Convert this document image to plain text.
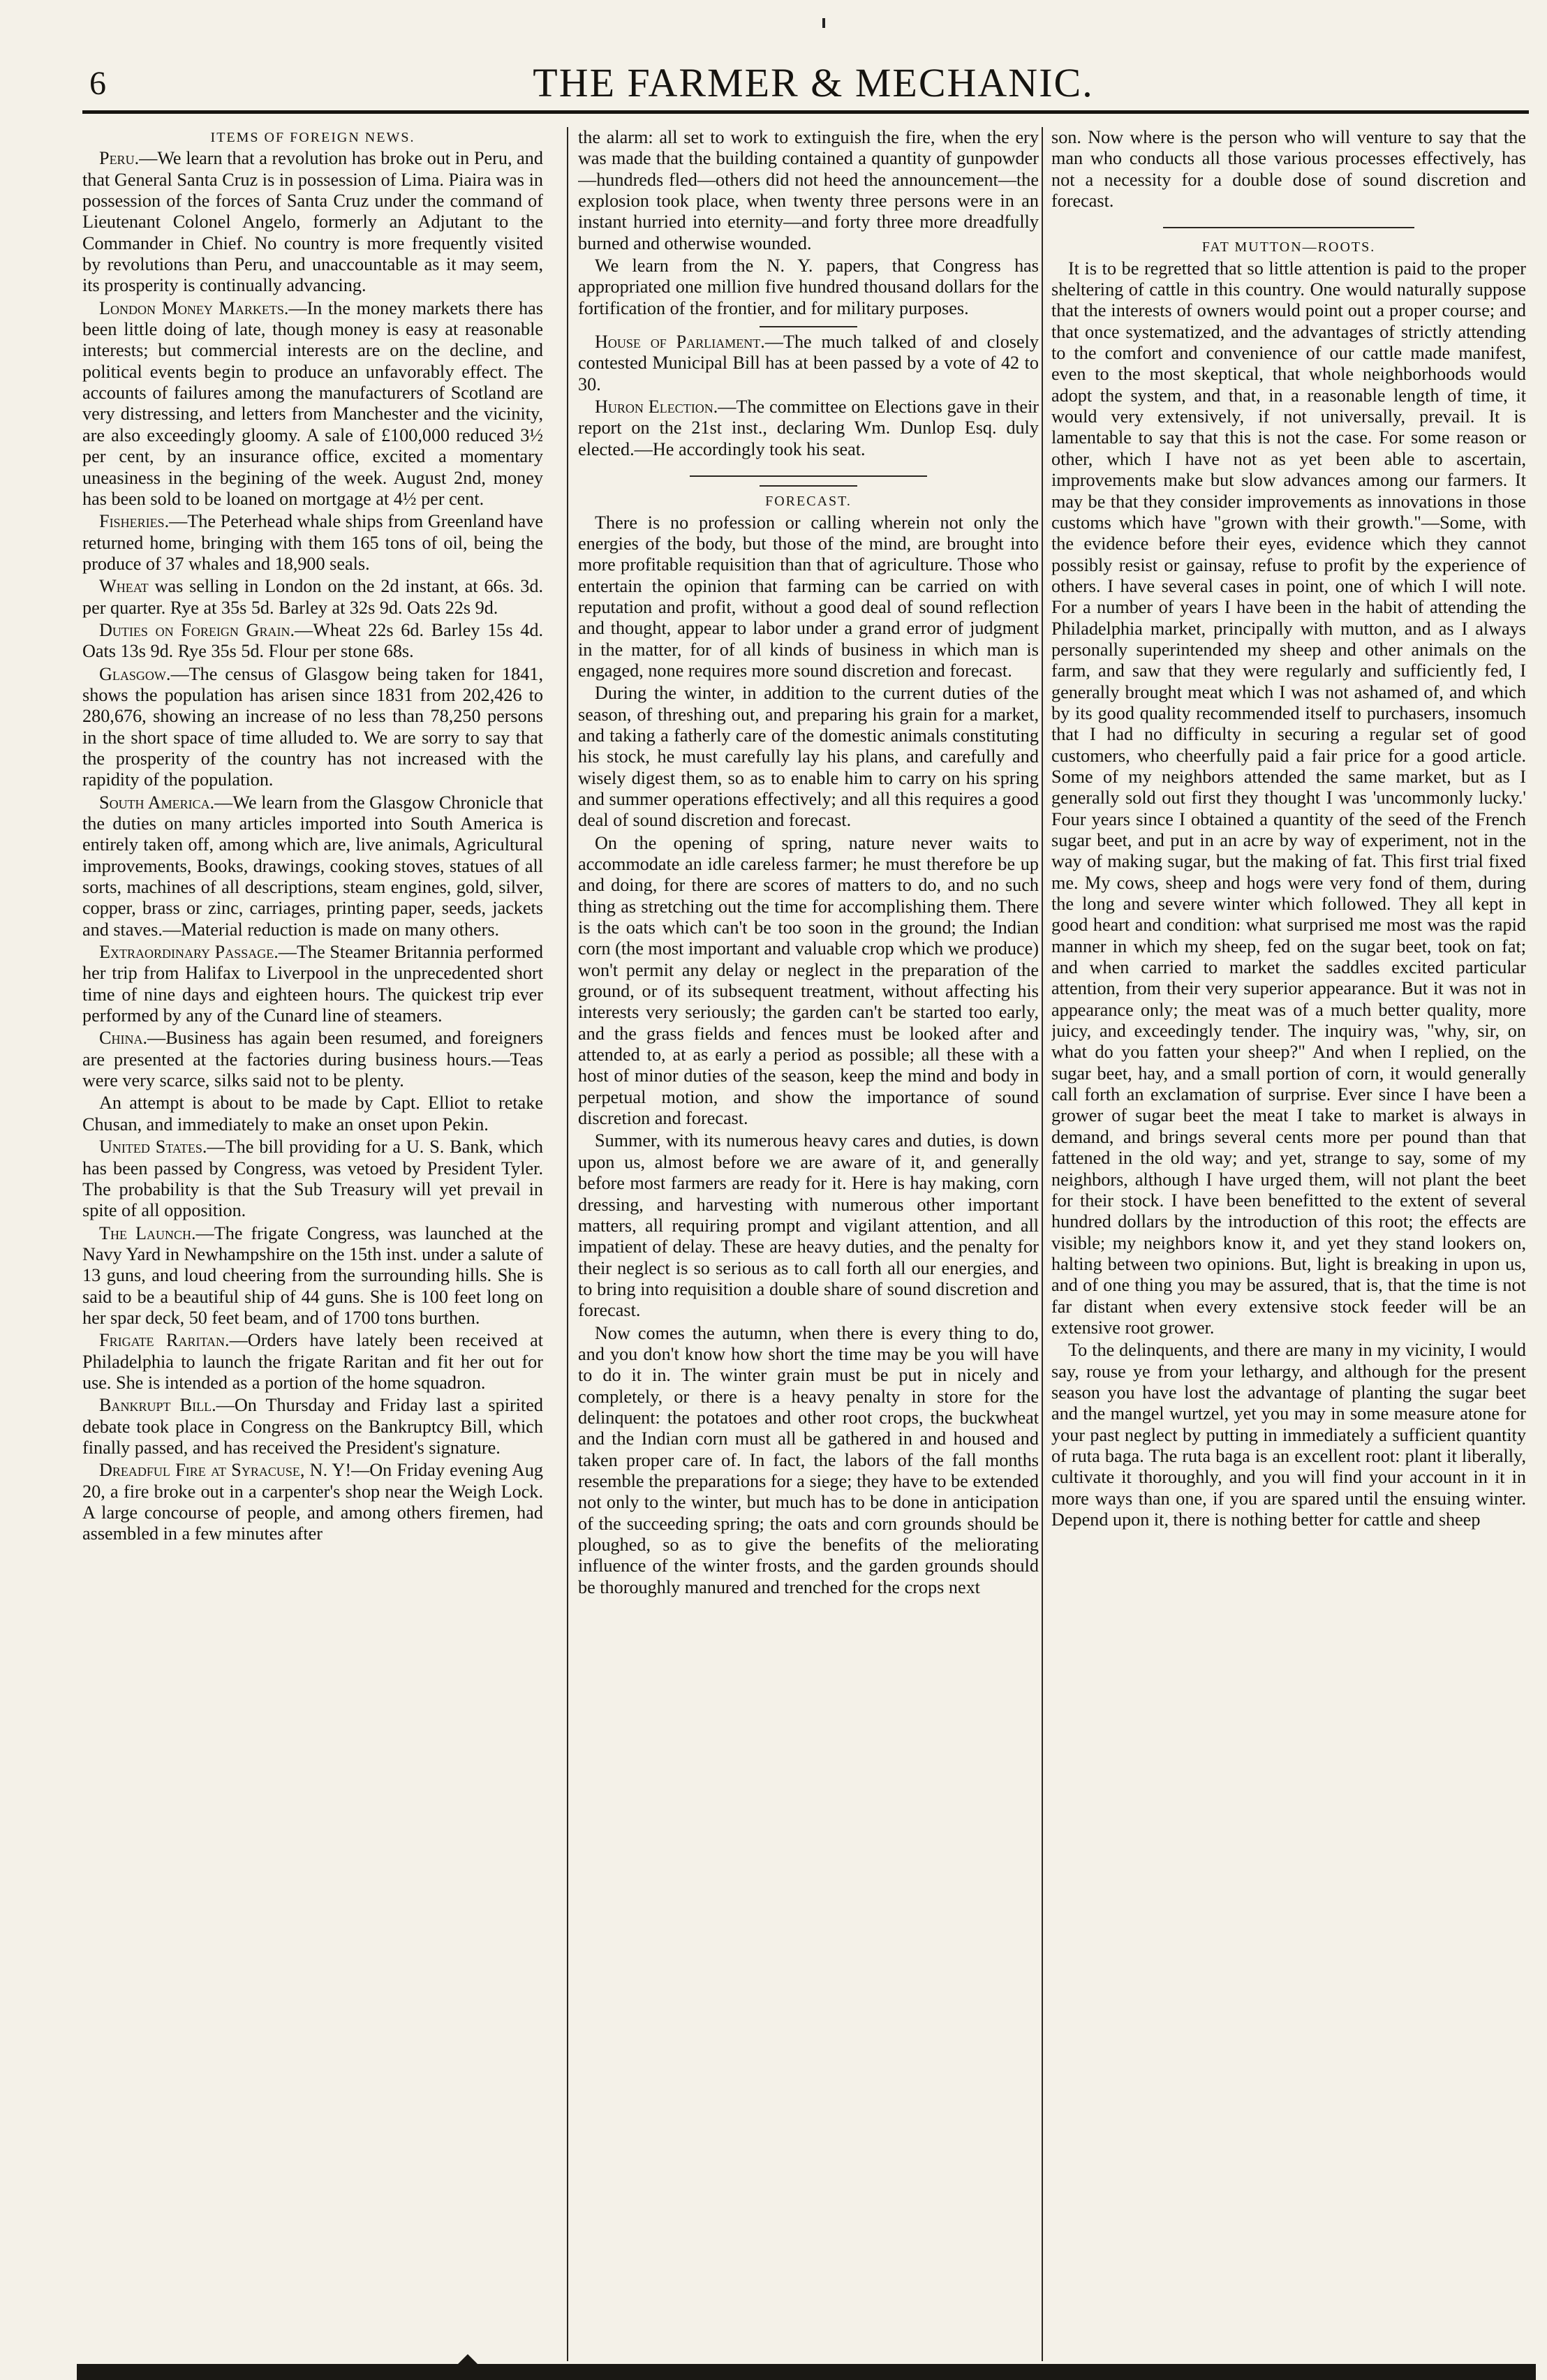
6	THE FARMER & MECHANIC.

ITEMS OF FOREIGN NEWS.

Peru.—We learn that a revolution has broke out in Peru, and that General Santa Cruz is in possession of Lima. Piaira was in possession of the forces of Santa Cruz under the command of Lieutenant Colonel Angelo, formerly an Adjutant to the Commander in Chief. No country is more frequently visited by revolutions than Peru, and unaccountable as it may seem, its prosperity is continually advancing.

London Money Markets.—In the money markets there has been little doing of late, though money is easy at reasonable interests; but commercial interests are on the decline, and political events begin to produce an unfavorably effect. The accounts of failures among the manufacturers of Scotland are very distressing, and letters from Manchester and the vicinity, are also exceedingly gloomy. A sale of £100,000 reduced 3½ per cent, by an insurance office, excited a momentary uneasiness in the begining of the week. August 2nd, money has been sold to be loaned on mortgage at 4½ per cent.

Fisheries.—The Peterhead whale ships from Greenland have returned home, bringing with them 165 tons of oil, being the produce of 37 whales and 18,900 seals.

Wheat was selling in London on the 2d instant, at 66s. 3d. per quarter. Rye at 35s 5d. Barley at 32s 9d. Oats 22s 9d.

Duties on Foreign Grain.—Wheat 22s 6d. Barley 15s 4d. Oats 13s 9d. Rye 35s 5d. Flour per stone 68s.

Glasgow.—The census of Glasgow being taken for 1841, shows the population has arisen since 1831 from 202,426 to 280,676, showing an increase of no less than 78,250 persons in the short space of time alluded to. We are sorry to say that the prosperity of the country has not increased with the rapidity of the population.

South America.—We learn from the Glasgow Chronicle that the duties on many articles imported into South America is entirely taken off, among which are, live animals, Agricultural improvements, Books, drawings, cooking stoves, statues of all sorts, machines of all descriptions, steam engines, gold, silver, copper, brass or zinc, carriages, printing paper, seeds, jackets and staves.—Material reduction is made on many others.

Extraordinary Passage.—The Steamer Britannia performed her trip from Halifax to Liverpool in the unprecedented short time of nine days and eighteen hours. The quickest trip ever performed by any of the Cunard line of steamers.

China.—Business has again been resumed, and foreigners are presented at the factories during business hours.—Teas were very scarce, silks said not to be plenty.

An attempt is about to be made by Capt. Elliot to retake Chusan, and immediately to make an onset upon Pekin.

United States.—The bill providing for a U. S. Bank, which has been passed by Congress, was vetoed by President Tyler. The probability is that the Sub Treasury will yet prevail in spite of all opposition.

The Launch.—The frigate Congress, was launched at the Navy Yard in Newhampshire on the 15th inst. under a salute of 13 guns, and loud cheering from the surrounding hills. She is said to be a beautiful ship of 44 guns. She is 100 feet long on her spar deck, 50 feet beam, and of 1700 tons burthen.

Frigate Raritan.—Orders have lately been received at Philadelphia to launch the frigate Raritan and fit her out for use. She is intended as a portion of the home squadron.

Bankrupt Bill.—On Thursday and Friday last a spirited debate took place in Congress on the Bankruptcy Bill, which finally passed, and has received the President's signature.

Dreadful Fire at Syracuse, N. Y!—On Friday evening Aug 20, a fire broke out in a carpenter's shop near the Weigh Lock. A large concourse of people, and among others firemen, had assembled in a few minutes after

the alarm: all set to work to extinguish the fire, when the ery was made that the building contained a quantity of gunpowder—hundreds fled—others did not heed the announcement—the explosion took place, when twenty three persons were in an instant hurried into eternity—and forty three more dreadfully burned and otherwise wounded.

We learn from the N. Y. papers, that Congress has appropriated one million five hundred thousand dollars for the fortification of the frontier, and for military purposes.

House of Parliament.—The much talked of and closely contested Municipal Bill has at been passed by a vote of 42 to 30.

Huron Election.—The committee on Elections gave in their report on the 21st inst., declaring Wm. Dunlop Esq. duly elected.—He accordingly took his seat.

FORECAST.

There is no profession or calling wherein not only the energies of the body, but those of the mind, are brought into more profitable requisition than that of agriculture. Those who entertain the opinion that farming can be carried on with reputation and profit, without a good deal of sound reflection and thought, appear to labor under a grand error of judgment in the matter, for of all kinds of business in which man is engaged, none requires more sound discretion and forecast.

During the winter, in addition to the current duties of the season, of threshing out, and preparing his grain for a market, and taking a fatherly care of the domestic animals constituting his stock, he must carefully lay his plans, and carefully and wisely digest them, so as to enable him to carry on his spring and summer operations effectively; and all this requires a good deal of sound discretion and forecast.

On the opening of spring, nature never waits to accommodate an idle careless farmer; he must therefore be up and doing, for there are scores of matters to do, and no such thing as stretching out the time for accomplishing them. There is the oats which can't be too soon in the ground; the Indian corn (the most important and valuable crop which we produce) won't permit any delay or neglect in the preparation of the ground, or of its subsequent treatment, without affecting his interests very seriously; the garden can't be started too early, and the grass fields and fences must be looked after and attended to, at as early a period as possible; all these with a host of minor duties of the season, keep the mind and body in perpetual motion, and show the importance of sound discretion and forecast.

Summer, with its numerous heavy cares and duties, is down upon us, almost before we are aware of it, and generally before most farmers are ready for it. Here is hay making, corn dressing, and harvesting with numerous other important matters, all requiring prompt and vigilant attention, and all impatient of delay. These are heavy duties, and the penalty for their neglect is so serious as to call forth all our energies, and to bring into requisition a double share of sound discretion and forecast.

Now comes the autumn, when there is every thing to do, and you don't know how short the time may be you will have to do it in. The winter grain must be put in nicely and completely, or there is a heavy penalty in store for the delinquent: the potatoes and other root crops, the buckwheat and the Indian corn must all be gathered in and housed and taken proper care of. In fact, the labors of the fall months resemble the preparations for a siege; they have to be extended not only to the winter, but much has to be done in anticipation of the succeeding spring; the oats and corn grounds should be ploughed, so as to give the benefits of the meliorating influence of the winter frosts, and the garden grounds should be thoroughly manured and trenched for the crops next

son. Now where is the person who will venture to say that the man who conducts all those various processes effectively, has not a necessity for a double dose of sound discretion and forecast.

FAT MUTTON—ROOTS.

It is to be regretted that so little attention is paid to the proper sheltering of cattle in this country. One would naturally suppose that the interests of owners would point out a proper course; and that once systematized, and the advantages of strictly attending to the comfort and convenience of our cattle made manifest, even to the most skeptical, that whole neighborhoods would adopt the system, and that, in a reasonable length of time, it would very extensively, if not universally, prevail. It is lamentable to say that this is not the case. For some reason or other, which I have not as yet been able to ascertain, improvements make but slow advances among our farmers. It may be that they consider improvements as innovations in those customs which have "grown with their growth."—Some, with the evidence before their eyes, evidence which they cannot possibly resist or gainsay, refuse to profit by the experience of others. I have several cases in point, one of which I will note. For a number of years I have been in the habit of attending the Philadelphia market, principally with mutton, and as I always personally superintended my sheep and other animals on the farm, and saw that they were regularly and sufficiently fed, I generally brought meat which I was not ashamed of, and which by its good quality recommended itself to purchasers, insomuch that I had no difficulty in securing a regular set of good customers, who cheerfully paid a fair price for a good article. Some of my neighbors attended the same market, but as I generally sold out first they thought I was 'uncommonly lucky.' Four years since I obtained a quantity of the seed of the French sugar beet, and put in an acre by way of experiment, not in the way of making sugar, but the making of fat. This first trial fixed me. My cows, sheep and hogs were very fond of them, during the long and severe winter which followed. They all kept in good heart and condition: what surprised me most was the rapid manner in which my sheep, fed on the sugar beet, took on fat; and when carried to market the saddles excited particular attention, from their very superior appearance. But it was not in appearance only; the meat was of a much better quality, more juicy, and exceedingly tender. The inquiry was, "why, sir, on what do you fatten your sheep?" And when I replied, on the sugar beet, hay, and a small portion of corn, it would generally call forth an exclamation of surprise. Ever since I have been a grower of sugar beet the meat I take to market is always in demand, and brings several cents more per pound than that fattened in the old way; and yet, strange to say, some of my neighbors, although I have urged them, will not plant the beet for their stock. I have been benefitted to the extent of several hundred dollars by the introduction of this root; the effects are visible; my neighbors know it, and yet they stand lookers on, halting between two opinions. But, light is breaking in upon us, and of one thing you may be assured, that is, that the time is not far distant when every extensive stock feeder will be an extensive root grower.

To the delinquents, and there are many in my vicinity, I would say, rouse ye from your lethargy, and although for the present season you have lost the advantage of planting the sugar beet and the mangel wurtzel, yet you may in some measure atone for your past neglect by putting in immediately a sufficient quantity of ruta baga. The ruta baga is an excellent root: plant it liberally, cultivate it thoroughly, and you will find your account in it in more ways than one, if you are spared until the ensuing winter. Depend upon it, there is nothing better for cattle and sheep
